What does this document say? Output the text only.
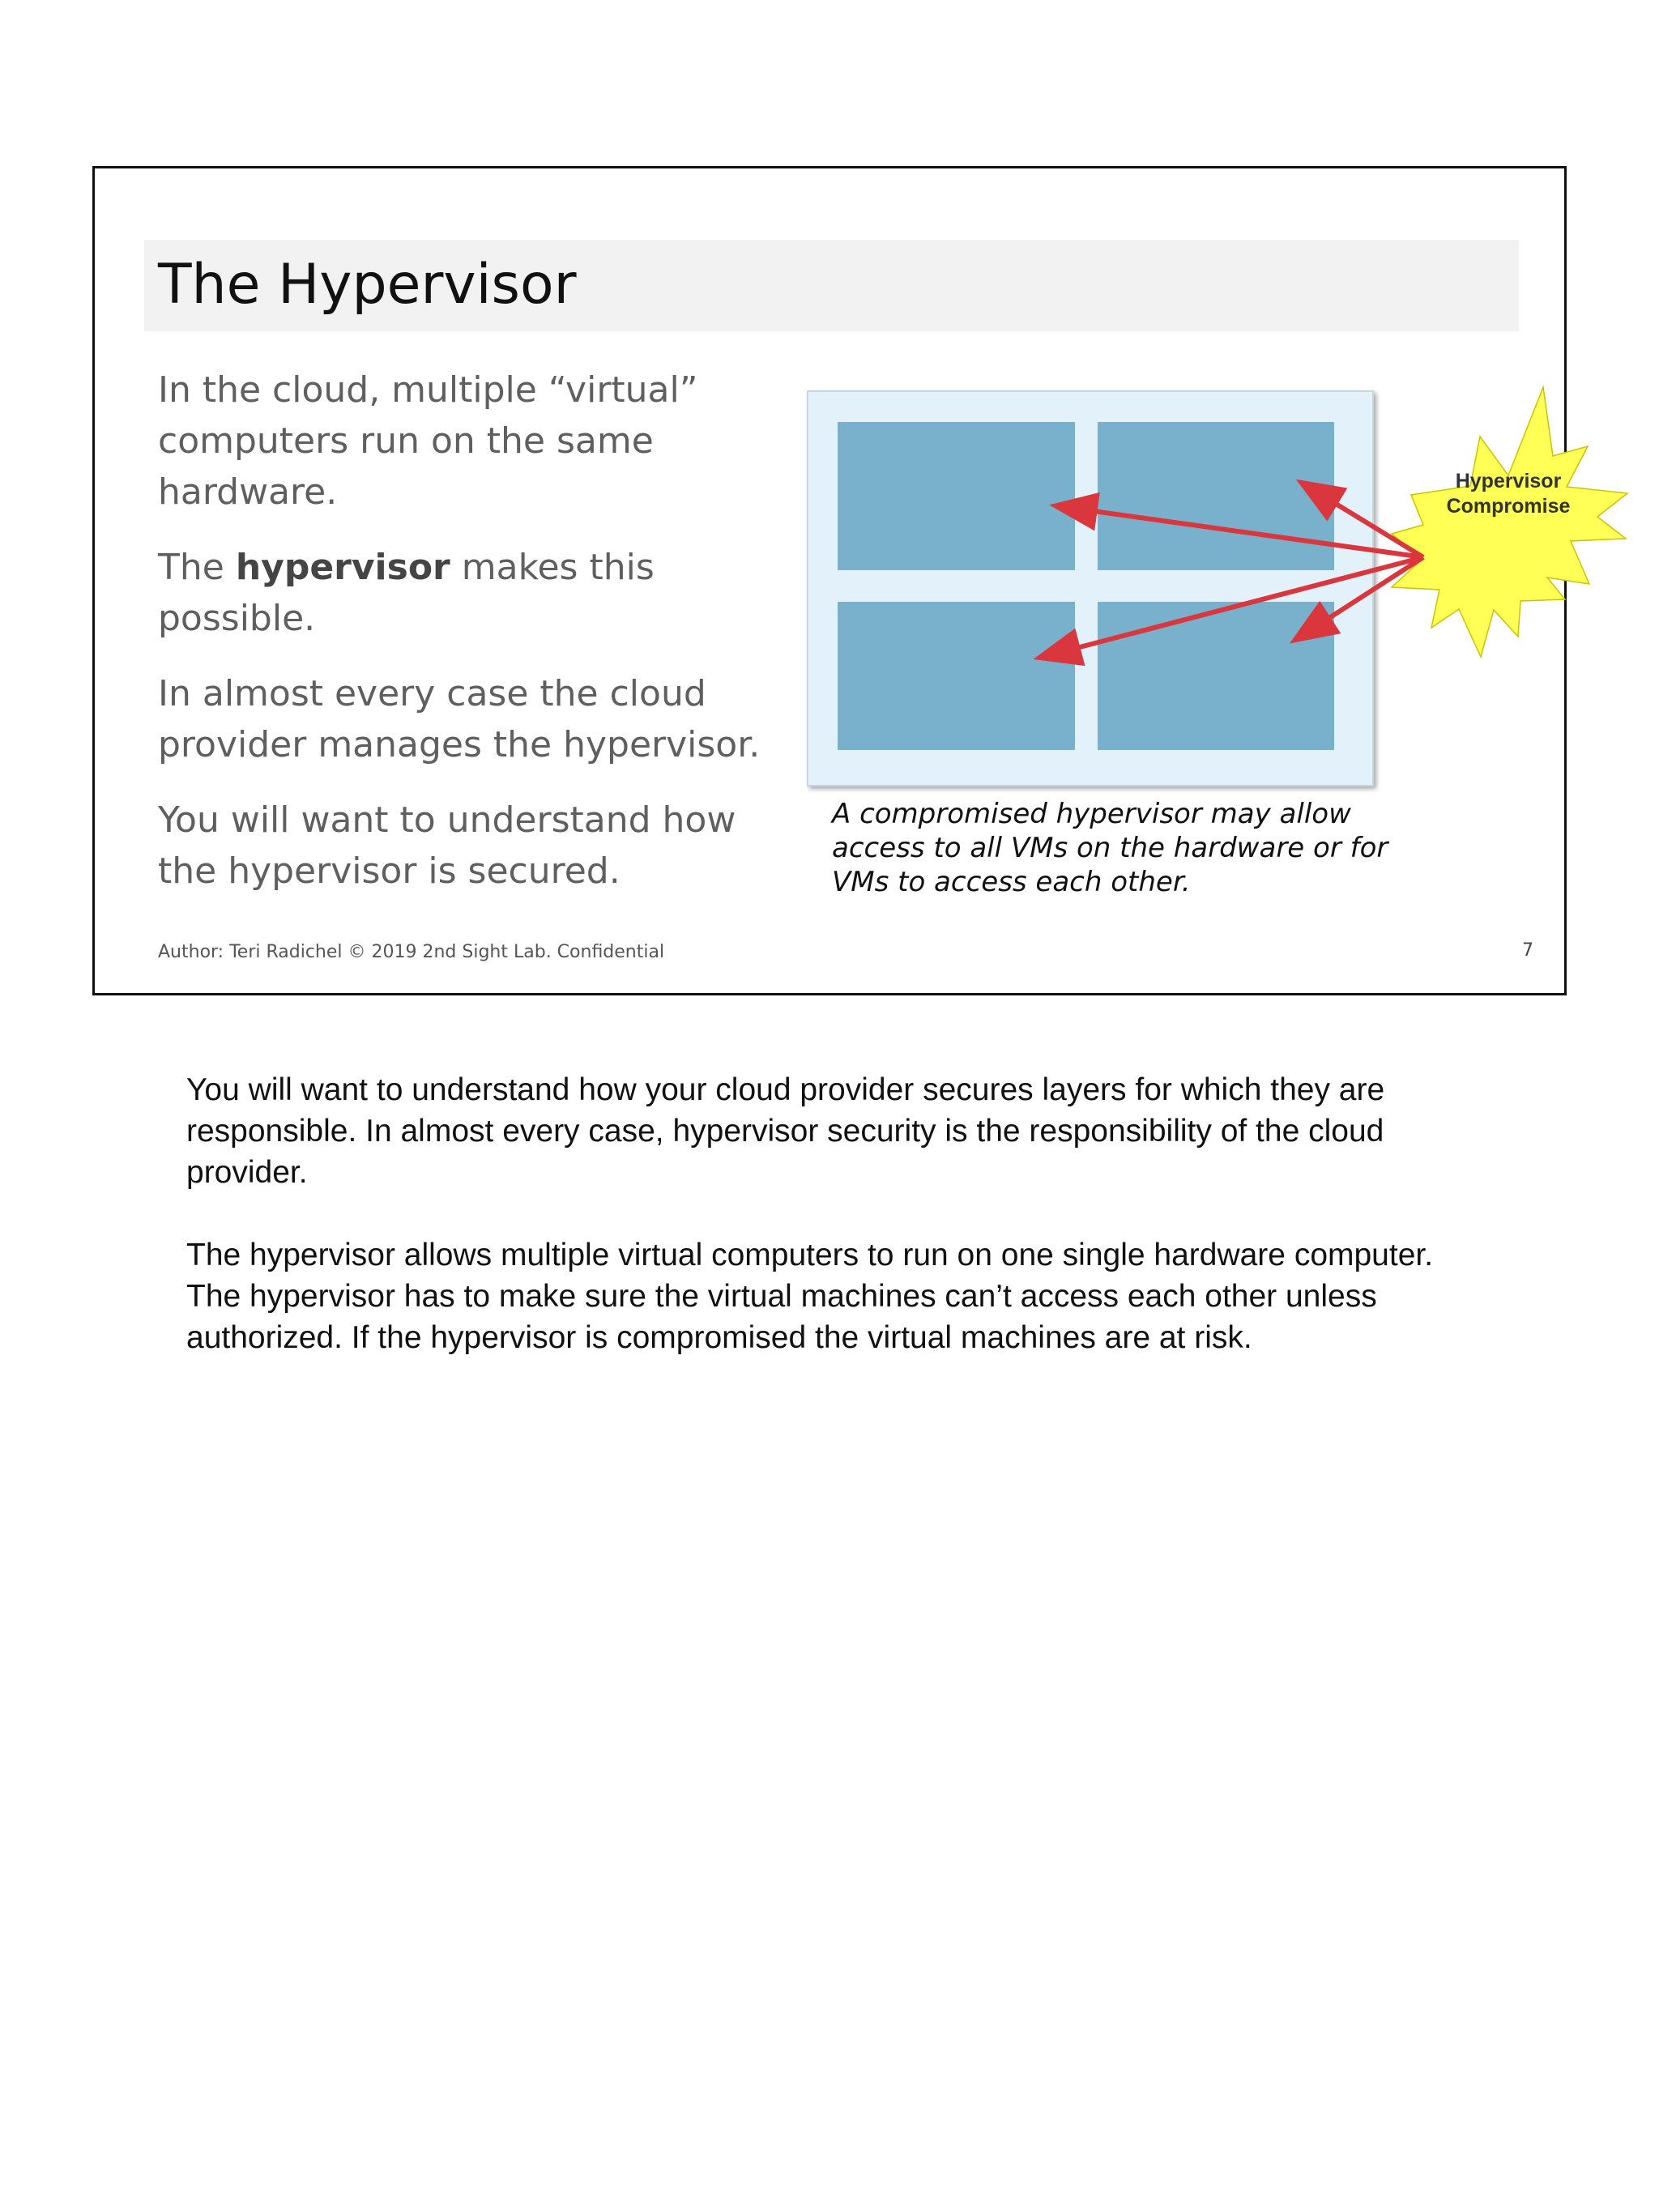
The Hypervisor

In the cloud, multiple “virtual” computers run on the same hardware.

The hypervisor makes this possible.

In almost every case the cloud provider manages the hypervisor.

You will want to understand how the hypervisor is secured.

Hypervisor
Compromise

A compromised hypervisor may allow

access to all VMs on the hardware or for

VMs to access each other.

Author: Teri Radichel © 2019 2nd Sight Lab. Confidential	7

You will want to understand how your cloud provider secures layers for which they are responsible. In almost every case, hypervisor security is the responsibility of the cloud provider.

The hypervisor allows multiple virtual computers to run on one single hardware computer. The hypervisor has to make sure the virtual machines can’t access each other unless authorized. If the hypervisor is compromised the virtual machines are at risk.
